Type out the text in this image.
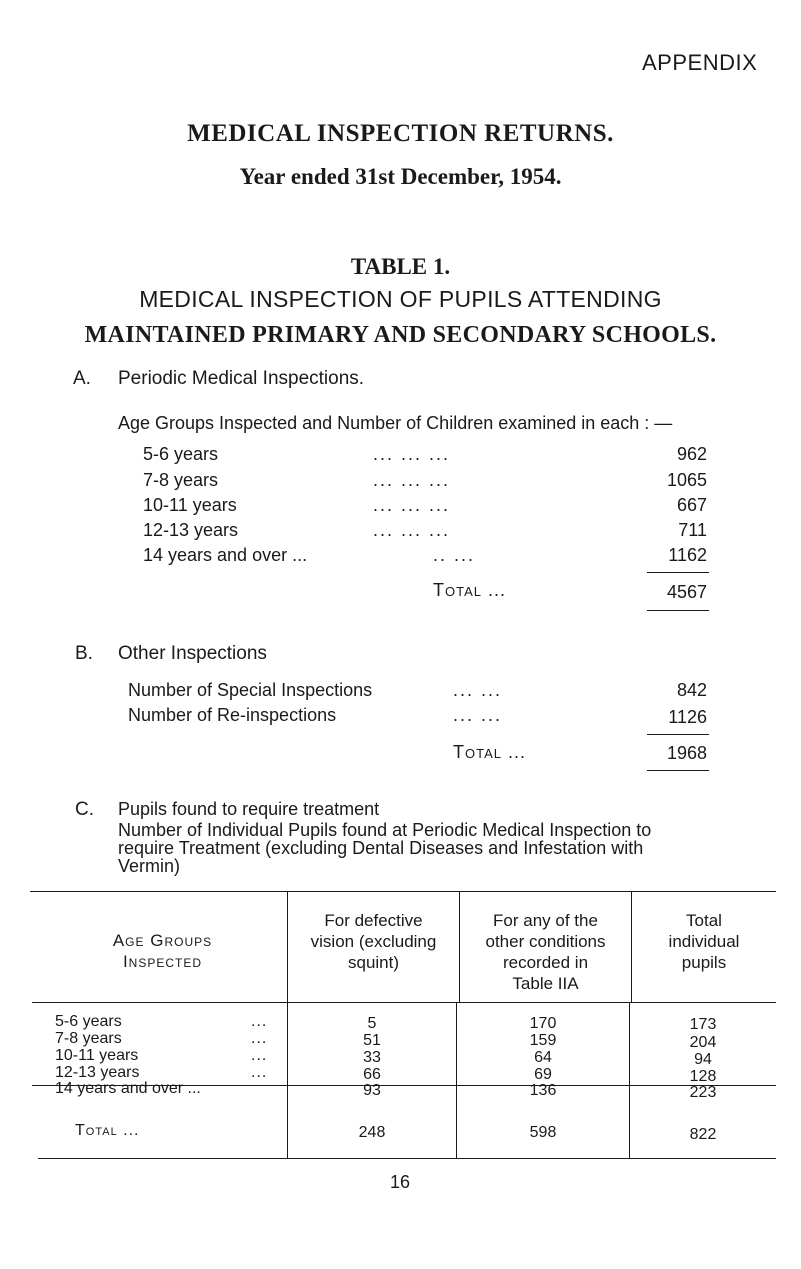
APPENDIX
MEDICAL INSPECTION RETURNS.
Year ended 31st December, 1954.
TABLE 1.
MEDICAL INSPECTION OF PUPILS ATTENDING
MAINTAINED PRIMARY AND SECONDARY SCHOOLS.
A. Periodic Medical Inspections.
Age Groups Inspected and Number of Children examined in each : —
5-6 years	... ... ...	962
7-8 years	... ... ...	1065
10-11 years	... ... ...	667
12-13 years	... ... ...	711
14 years and over ...	.. ...	1162
Total ...	4567
B. Other Inspections
Number of Special Inspections	... ...	842
Number of Re-inspections	... ...	1126
Total ...	1968
C. Pupils found to require treatment
Number of Individual Pupils found at Periodic Medical Inspection to
require Treatment (excluding Dental Diseases and Infestation with
Vermin)
Age Groups
Inspected
For defective
vision (excluding
squint)
For any of the
other conditions
recorded in
Table IIA
Total
individual
pupils
5-6 years	...	5	170	173
7-8 years	...	51	159	204
10-11 years	...	33	64	94
12-13 years	...	66	69	128
14 years and over ...	93	136	223
Total ...	248	598	822
16
